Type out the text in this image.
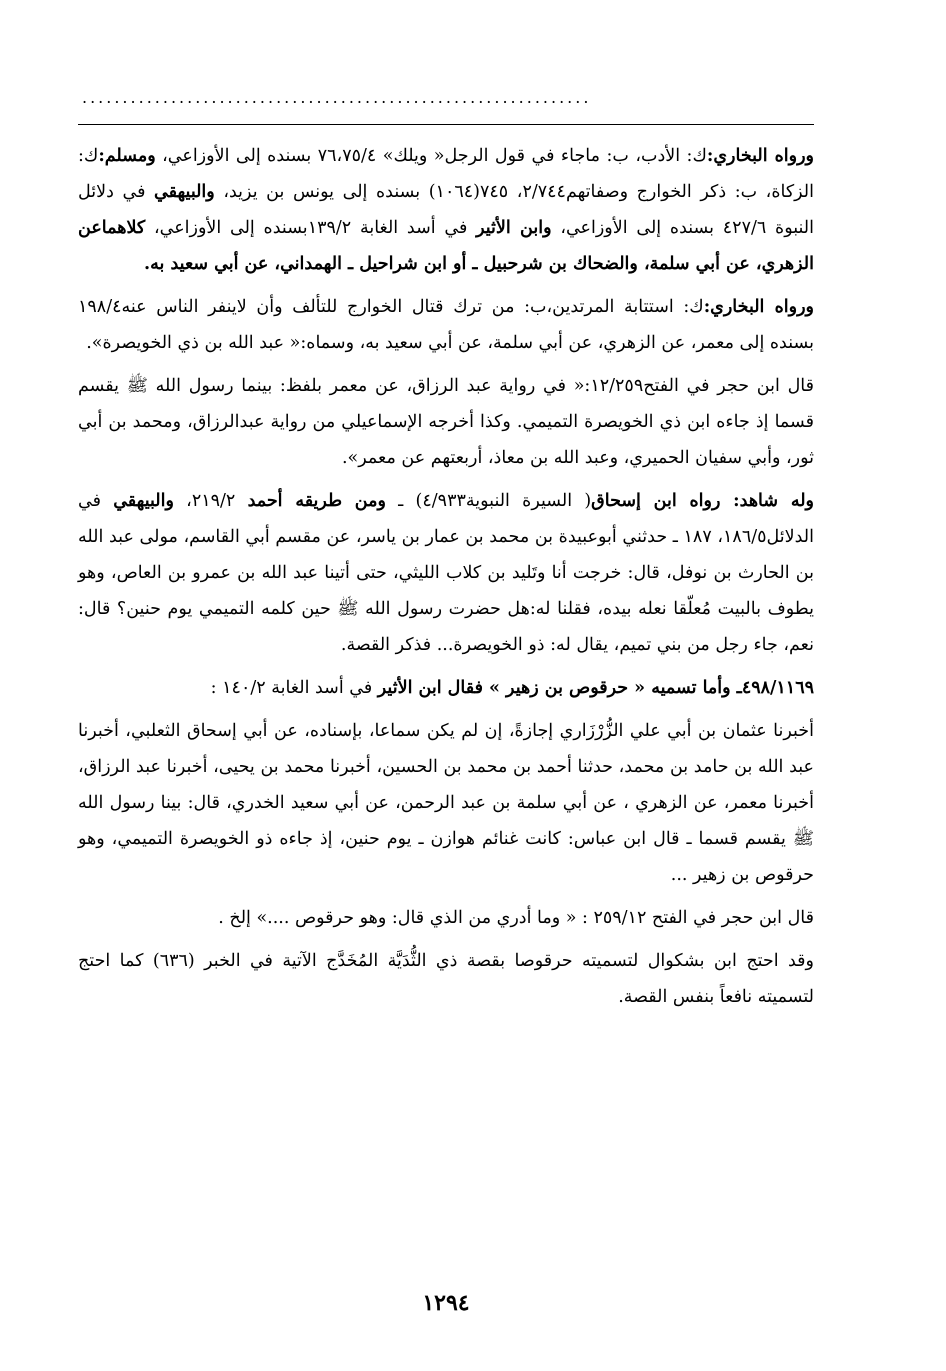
...............................................................

ورواه البخاري:ك: الأدب، ب: ماجاء في قول الرجل« ويلك» ٧٦،٧٥/٤ بسنده إلى الأوزاعي، ومسلم:ك: الزكاة، ب: ذكر الخوارج وصفاتهم٢/٧٤٤، ٧٤٥(١٠٦٤) بسنده إلى يونس بن يزيد، والبيهقي في دلائل النبوة ٤٢٧/٦ بسنده إلى الأوزاعي، وابن الأثير في أسد الغابة ١٣٩/٢بسنده إلى الأوزاعي، كلاهماعن الزهري، عن أبي سلمة، والضحاك بن شرحبيل ـ أو ابن شراحيل ـ الهمداني، عن أبي سعيد به.

ورواه البخاري:ك: استتابة المرتدين،ب: من ترك قتال الخوارج للتألف وأن لاينفر الناس عنه١٩٨/٤ بسنده إلى معمر، عن الزهري، عن أبي سلمة، عن أبي سعيد به، وسماه:« عبد الله بن ذي الخويصرة».

قال ابن حجر في الفتح١٢/٢٥٩:« في رواية عبد الرزاق، عن معمر بلفظ: بينما رسول الله ﷺ يقسم قسما إذ جاءه ابن ذي الخويصرة التميمي. وكذا أخرجه الإسماعيلي من رواية عبدالرزاق، ومحمد بن أبي ثور، وأبي سفيان الحميري، وعبد الله بن معاذ، أربعتهم عن معمر».

وله شاهد: رواه ابن إسحاق( السيرة النبوية٤/٩٣٣) ـ ومن طريقه أحمد ٢١٩/٢، والبيهقي في الدلائل١٨٦/٥، ١٨٧ ـ حدثني أبوعبيدة بن محمد بن عمار بن ياسر، عن مقسم أبي القاسم، مولى عبد الله بن الحارث بن نوفل، قال: خرجت أنا وتَليد بن كلاب الليثي، حتى أتينا عبد الله بن عمرو بن العاص، وهو يطوف بالبيت مُعلّقا نعله بيده، فقلنا له:هل حضرت رسول الله ﷺ حين كلمه التميمي يوم حنين؟ قال: نعم، جاء رجل من بني تميم، يقال له: ذو الخويصرة... فذكر القصة.

٤٩٨/١١٦٩ـ وأما تسميه « حرقوص بن زهير » فقال ابن الأثير في أسد الغابة ١٤٠/٢ :

أخبرنا عثمان بن أبي علي الزُّرْزَاري إجازةً، إن لم يكن سماعا، بإسناده، عن أبي إسحاق الثعلبي، أخبرنا عبد الله بن حامد بن محمد، حدثنا أحمد بن محمد بن الحسين، أخبرنا محمد بن يحيى، أخبرنا عبد الرزاق، أخبرنا معمر، عن الزهري ، عن أبي سلمة بن عبد الرحمن، عن أبي سعيد الخدري، قال: بينا رسول الله ﷺ يقسم قسما ـ قال ابن عباس: كانت غنائم هوازن ـ يوم حنين، إذ جاءه ذو الخويصرة التميمي، وهو حرقوص بن زهير ...

قال ابن حجر في الفتح ٢٥٩/١٢ : « وما أدري من الذي قال: وهو حرقوص ....» إلخ .

وقد احتج ابن بشكوال لتسميته حرقوصا بقصة ذي الثُّدَيَّة المُخَدَّج الآتية في الخبر (٦٣٦) كما احتج لتسميته نافعاً بنفس القصة.

١٢٩٤
